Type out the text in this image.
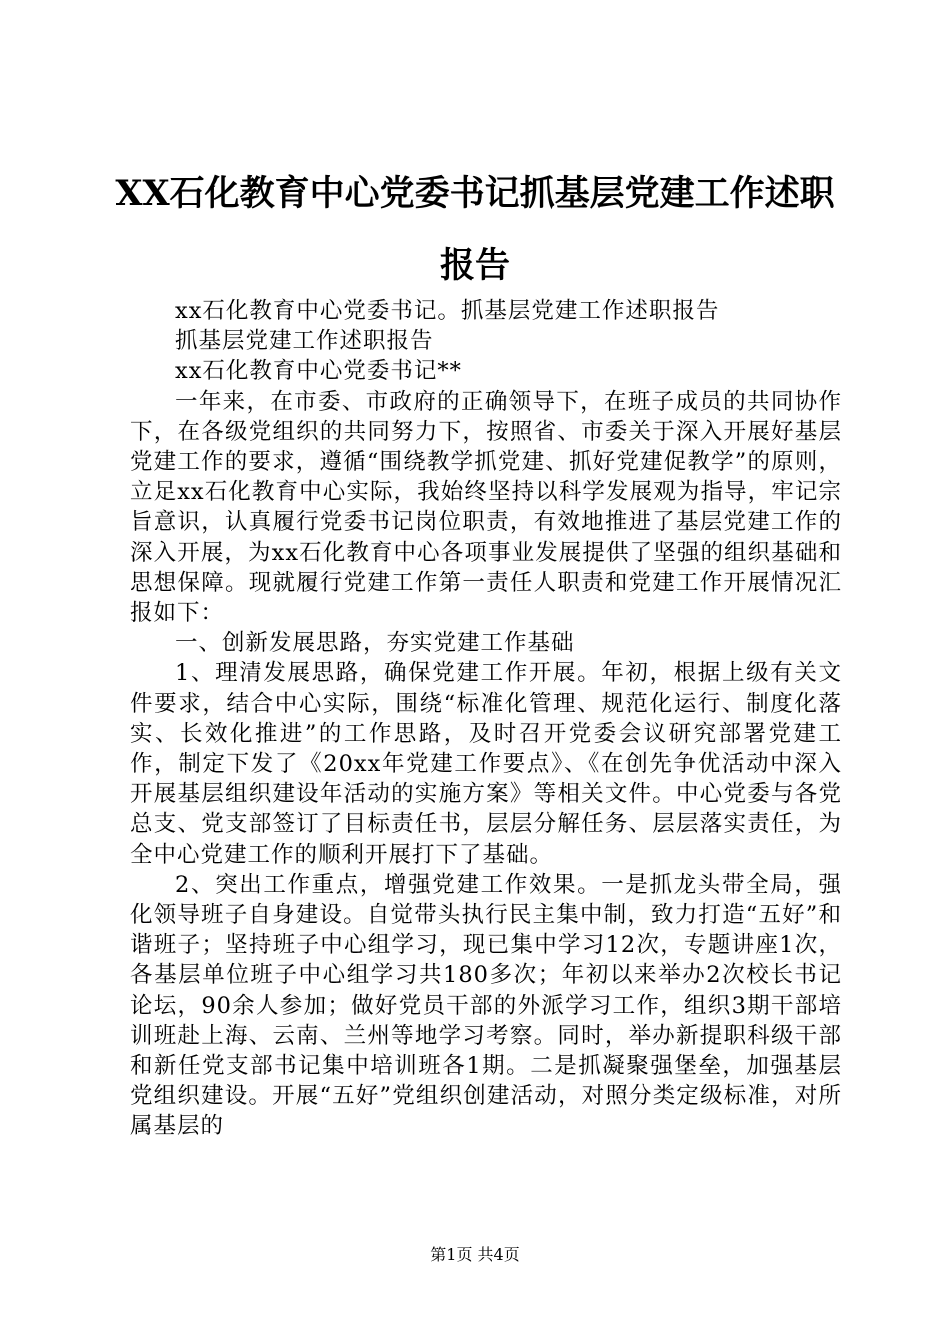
XX石化教育中心党委书记抓基层党建工作述职报告

xx石化教育中心党委书记。抓基层党建工作述职报告

抓基层党建工作述职报告

xx石化教育中心党委书记**

一年来，在市委、市政府的正确领导下，在班子成员的共同协作下，在各级党组织的共同努力下，按照省、市委关于深入开展好基层党建工作的要求，遵循“围绕教学抓党建、抓好党建促教学”的原则，立足xx石化教育中心实际，我始终坚持以科学发展观为指导，牢记宗旨意识，认真履行党委书记岗位职责，有效地推进了基层党建工作的深入开展，为xx石化教育中心各项事业发展提供了坚强的组织基础和思想保障。现就履行党建工作第一责任人职责和党建工作开展情况汇报如下：

一、创新发展思路，夯实党建工作基础

1、理清发展思路，确保党建工作开展。年初，根据上级有关文件要求，结合中心实际，围绕“标准化管理、规范化运行、制度化落实、长效化推进”的工作思路，及时召开党委会议研究部署党建工作，制定下发了《20xx年党建工作要点》、《在创先争优活动中深入开展基层组织建设年活动的实施方案》等相关文件。中心党委与各党总支、党支部签订了目标责任书，层层分解任务、层层落实责任，为全中心党建工作的顺利开展打下了基础。

2、突出工作重点，增强党建工作效果。一是抓龙头带全局，强化领导班子自身建设。自觉带头执行民主集中制，致力打造“五好”和谐班子；坚持班子中心组学习，现已集中学习12次，专题讲座1次，各基层单位班子中心组学习共180多次；年初以来举办2次校长书记论坛，90余人参加；做好党员干部的外派学习工作，组织3期干部培训班赴上海、云南、兰州等地学习考察。同时，举办新提职科级干部和新任党支部书记集中培训班各1期。二是抓凝聚强堡垒，加强基层党组织建设。开展“五好”党组织创建活动，对照分类定级标准，对所属基层的

第1页 共4页
